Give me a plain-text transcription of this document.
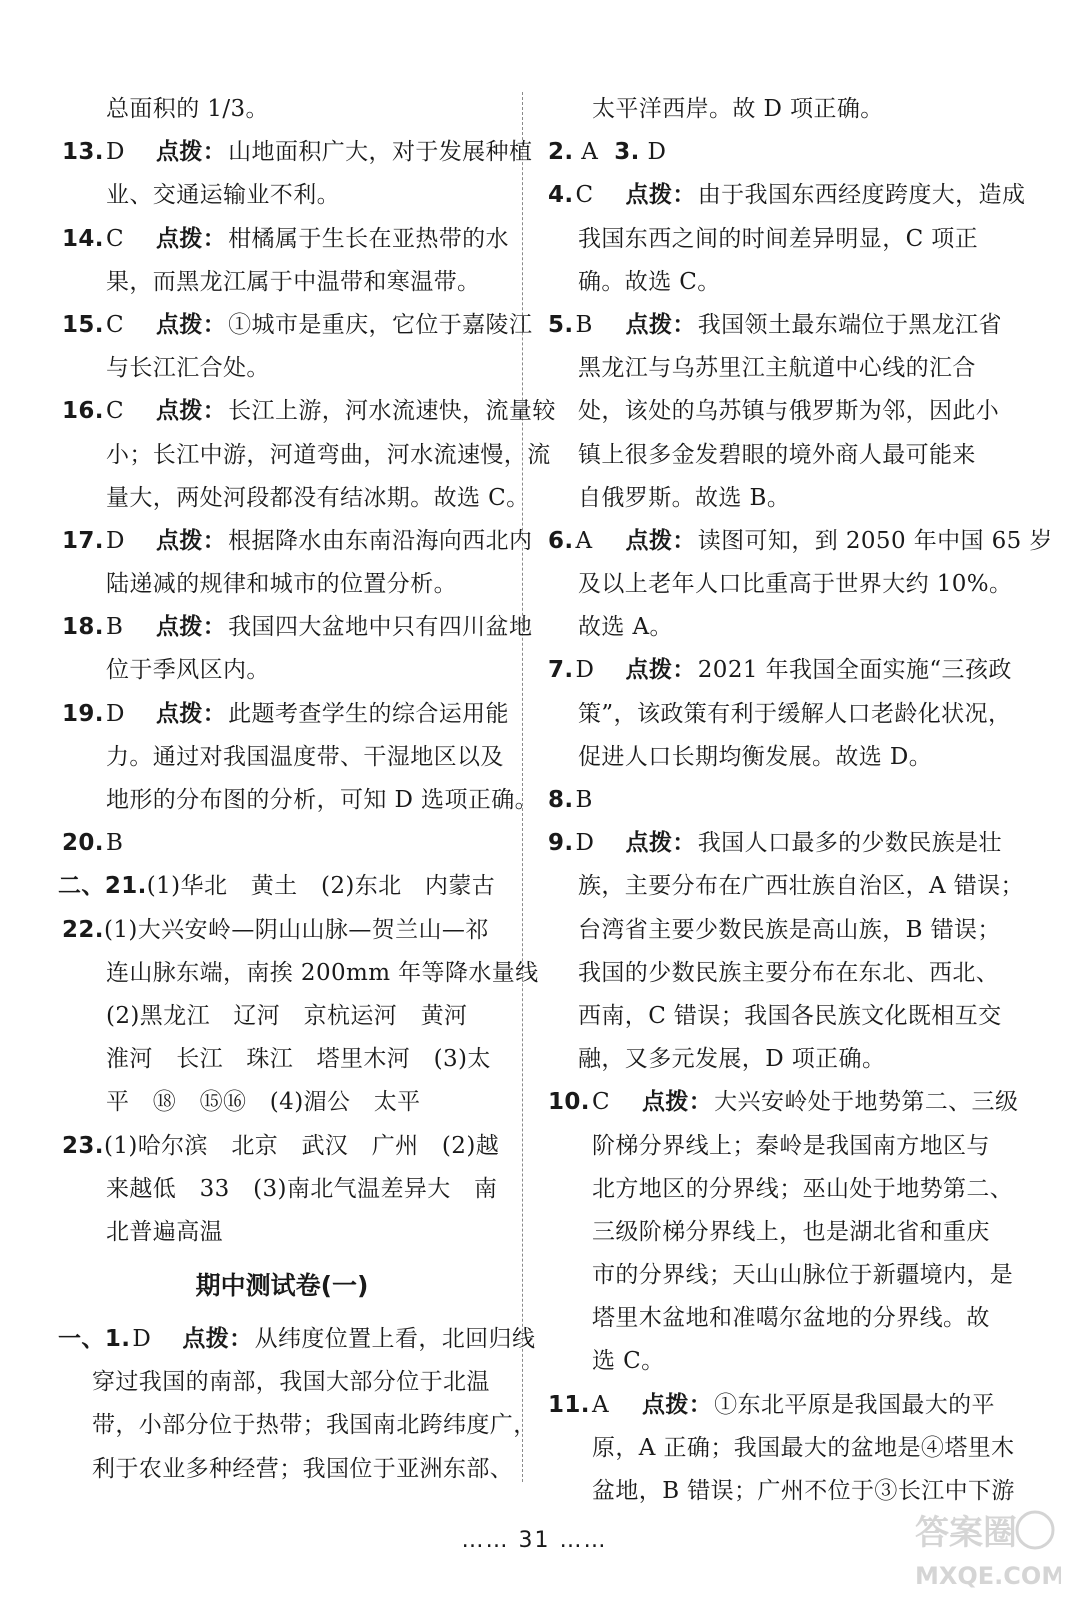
总面积的 1/3。
13.D 点拨：山地面积广大，对于发展种植
业、交通运输业不利。
14.C 点拨：柑橘属于生长在亚热带的水
果，而黑龙江属于中温带和寒温带。
15.C 点拨：①城市是重庆，它位于嘉陵江
与长江汇合处。
16.C 点拨：长江上游，河水流速快，流量较
小；长江中游，河道弯曲，河水流速慢，流
量大，两处河段都没有结冰期。故选 C。
17.D 点拨：根据降水由东南沿海向西北内
陆递减的规律和城市的位置分析。
18.B 点拨：我国四大盆地中只有四川盆地
位于季风区内。
19.D 点拨：此题考查学生的综合运用能
力。通过对我国温度带、干湿地区以及
地形的分布图的分析，可知 D 选项正确。
20.B
二、21.(1)华北　黄土　(2)东北　内蒙古
22.(1)大兴安岭—阴山山脉—贺兰山—祁
连山脉东端，南挨 200mm 年等降水量线
(2)黑龙江　辽河　京杭运河　黄河
淮河　长江　珠江　塔里木河　(3)太
平　⑱　⑮⑯　(4)湄公　太平
23.(1)哈尔滨　北京　武汉　广州　(2)越
来越低　33　(3)南北气温差异大　南
北普遍高温
期中测试卷(一)
一、1.D 点拨：从纬度位置上看，北回归线
穿过我国的南部，我国大部分位于北温
带，小部分位于热带；我国南北跨纬度广，
利于农业多种经营；我国位于亚洲东部、
太平洋西岸。故 D 项正确。
2. A 3. D
4.C 点拨：由于我国东西经度跨度大，造成
我国东西之间的时间差异明显，C 项正
确。故选 C。
5.B 点拨：我国领土最东端位于黑龙江省
黑龙江与乌苏里江主航道中心线的汇合
处，该处的乌苏镇与俄罗斯为邻，因此小
镇上很多金发碧眼的境外商人最可能来
自俄罗斯。故选 B。
6.A 点拨：读图可知，到 2050 年中国 65 岁
及以上老年人口比重高于世界大约 10%。
故选 A。
7.D 点拨：2021 年我国全面实施“三孩政
策”，该政策有利于缓解人口老龄化状况，
促进人口长期均衡发展。故选 D。
8.B
9.D 点拨：我国人口最多的少数民族是壮
族，主要分布在广西壮族自治区，A 错误；
台湾省主要少数民族是高山族，B 错误；
我国的少数民族主要分布在东北、西北、
西南，C 错误；我国各民族文化既相互交
融，又多元发展，D 项正确。
10.C 点拨：大兴安岭处于地势第二、三级
阶梯分界线上；秦岭是我国南方地区与
北方地区的分界线；巫山处于地势第二、
三级阶梯分界线上，也是湖北省和重庆
市的分界线；天山山脉位于新疆境内，是
塔里木盆地和准噶尔盆地的分界线。故
选 C。
11.A 点拨：①东北平原是我国最大的平
原，A 正确；我国最大的盆地是④塔里木
盆地，B 错误；广州不位于③长江中下游
…… 31 ……	答案圈
MXQE.COM
